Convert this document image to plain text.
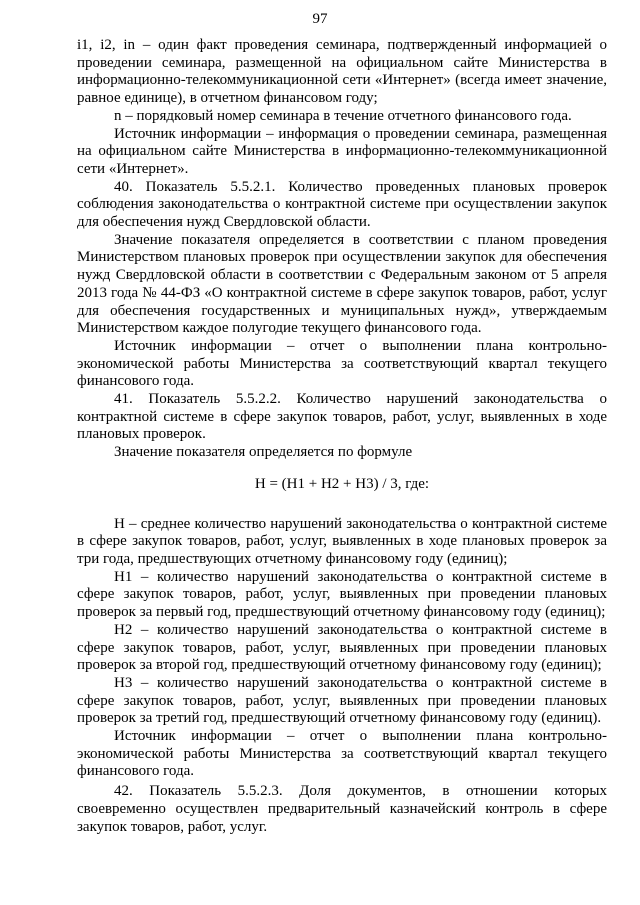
97

i1, i2, in – один факт проведения семинара, подтвержденный информацией о проведении семинара, размещенной на официальном сайте Министерства в информационно-телекоммуникационной сети «Интернет» (всегда имеет значение, равное единице), в отчетном финансовом году;

n – порядковый номер семинара в течение отчетного финансового года.

Источник информации – информация о проведении семинара, размещенная на официальном сайте Министерства в информационно-телекоммуникационной сети «Интернет».

40. Показатель 5.5.2.1. Количество проведенных плановых проверок соблюдения законодательства о контрактной системе при осуществлении закупок для обеспечения нужд Свердловской области.

Значение показателя определяется в соответствии с планом проведения Министерством плановых проверок при осуществлении закупок для обеспечения нужд Свердловской области в соответствии с Федеральным законом от 5 апреля 2013 года № 44-ФЗ «О контрактной системе в сфере закупок товаров, работ, услуг для обеспечения государственных и муниципальных нужд», утверждаемым Министерством каждое полугодие текущего финансового года.

Источник информации – отчет о выполнении плана контрольно-экономической работы Министерства за соответствующий квартал текущего финансового года.

41. Показатель 5.5.2.2. Количество нарушений законодательства о контрактной системе в сфере закупок товаров, работ, услуг, выявленных в ходе плановых проверок.

Значение показателя определяется по формуле

Н = (Н1 + Н2 + Н3) / 3, где:

Н – среднее количество нарушений законодательства о контрактной системе в сфере закупок товаров, работ, услуг, выявленных в ходе плановых проверок за три года, предшествующих отчетному финансовому году (единиц);

Н1 – количество нарушений законодательства о контрактной системе в сфере закупок товаров, работ, услуг, выявленных при проведении плановых проверок за первый год, предшествующий отчетному финансовому году (единиц);

Н2 – количество нарушений законодательства о контрактной системе в сфере закупок товаров, работ, услуг, выявленных при проведении плановых проверок за второй год, предшествующий отчетному финансовому году (единиц);

Н3 – количество нарушений законодательства о контрактной системе в сфере закупок товаров, работ, услуг, выявленных при проведении плановых проверок за третий год, предшествующий отчетному финансовому году (единиц).

Источник информации – отчет о выполнении плана контрольно-экономической работы Министерства за соответствующий квартал текущего финансового года.

42. Показатель 5.5.2.3. Доля документов, в отношении которых своевременно осуществлен предварительный казначейский контроль в сфере закупок товаров, работ, услуг.
